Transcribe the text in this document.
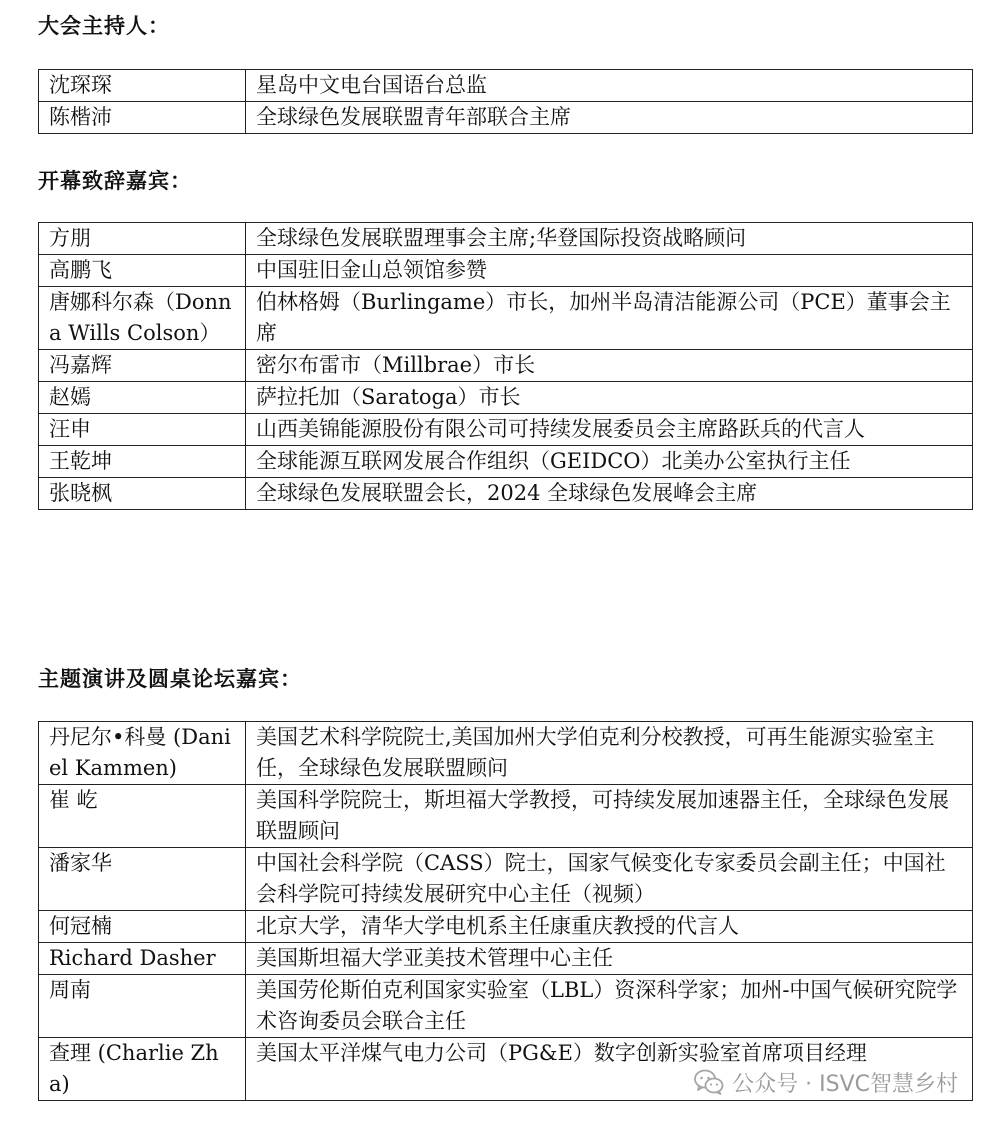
大会主持人：
沈琛琛	星岛中文电台国语台总监
陈楷沛	全球绿色发展联盟青年部联合主席
开幕致辞嘉宾：
方朋	全球绿色发展联盟理事会主席;华登国际投资战略顾问
高鹏飞	中国驻旧金山总领馆参赞
唐娜科尔森（Donna Wills Colson）	伯林格姆（Burlingame）市长，加州半岛清洁能源公司（PCE）董事会主席
冯嘉辉	密尔布雷市（Millbrae）市长
赵嫣	萨拉托加（Saratoga）市长
汪申	山西美锦能源股份有限公司可持续发展委员会主席路跃兵的代言人
王乾坤	全球能源互联网发展合作组织（GEIDCO）北美办公室执行主任
张晓枫	全球绿色发展联盟会长，2024 全球绿色发展峰会主席
主题演讲及圆桌论坛嘉宾：
丹尼尔•科曼 (Daniel Kammen)	美国艺术科学院院士,美国加州大学伯克利分校教授，可再生能源实验室主任，全球绿色发展联盟顾问
崔 屹	美国科学院院士，斯坦福大学教授，可持续发展加速器主任，全球绿色发展联盟顾问
潘家华	中国社会科学院（CASS）院士，国家气候变化专家委员会副主任；中国社会科学院可持续发展研究中心主任（视频）
何冠楠	北京大学，清华大学电机系主任康重庆教授的代言人
Richard Dasher	美国斯坦福大学亚美技术管理中心主任
周南	美国劳伦斯伯克利国家实验室（LBL）资深科学家；加州-中国气候研究院学术咨询委员会联合主任
查理 (Charlie Zha)	美国太平洋煤气电力公司（PG&E）数字创新实验室首席项目经理
公众号 · ISVC智慧乡村
